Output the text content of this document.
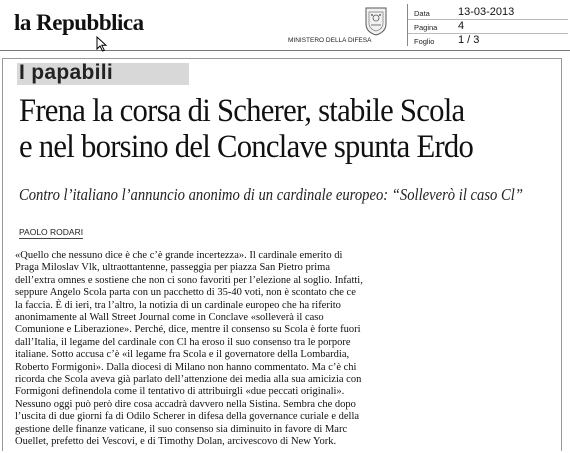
la Repubblica
MINISTERO DELLA DIFESA
Data	13-03-2013
Pagina 4
Foglio 1 / 3
I papabili
Frena la corsa di Scherer, stabile Scola
e nel borsino del Conclave spunta Erdo
Contro l’italiano l’annuncio anonimo di un cardinale europeo: “Solleverò il caso Cl”
PAOLO RODARI
«Quello che nessuno dice è che c’è grande incertezza». Il cardinale emerito di
Praga Miloslav Vlk, ultraottantenne, passeggia per piazza San Pietro prima
dell’extra omnes e sostiene che non ci sono favoriti per l’elezione al soglio. Infatti,
seppure Angelo Scola parta con un pacchetto di 35-40 voti, non è scontato che ce
la faccia. È di ieri, tra l’altro, la notizia di un cardinale europeo che ha riferito
anonimamente al Wall Street Journal come in Conclave «solleverà il caso
Comunione e Liberazione». Perché, dice, mentre il consenso su Scola è forte fuori
dall’Italia, il legame del cardinale con Cl ha eroso il suo consenso tra le porpore
italiane. Sotto accusa c’è «il legame fra Scola e il governatore della Lombardia,
Roberto Formigoni». Dalla diocesi di Milano non hanno commentato. Ma c’è chi
ricorda che Scola aveva già parlato dell’attenzione dei media alla sua amicizia con
Formigoni definendola come il tentativo di attribuirgli «due peccati originali».
Nessuno oggi può però dire cosa accadrà davvero nella Sistina. Sembra che dopo
l’uscita di due giorni fa di Odilo Scherer in difesa della governance curiale e della
gestione delle finanze vaticane, il suo consenso sia diminuito in favore di Marc
Ouellet, prefetto dei Vescovi, e di Timothy Dolan, arcivescovo di New York.
